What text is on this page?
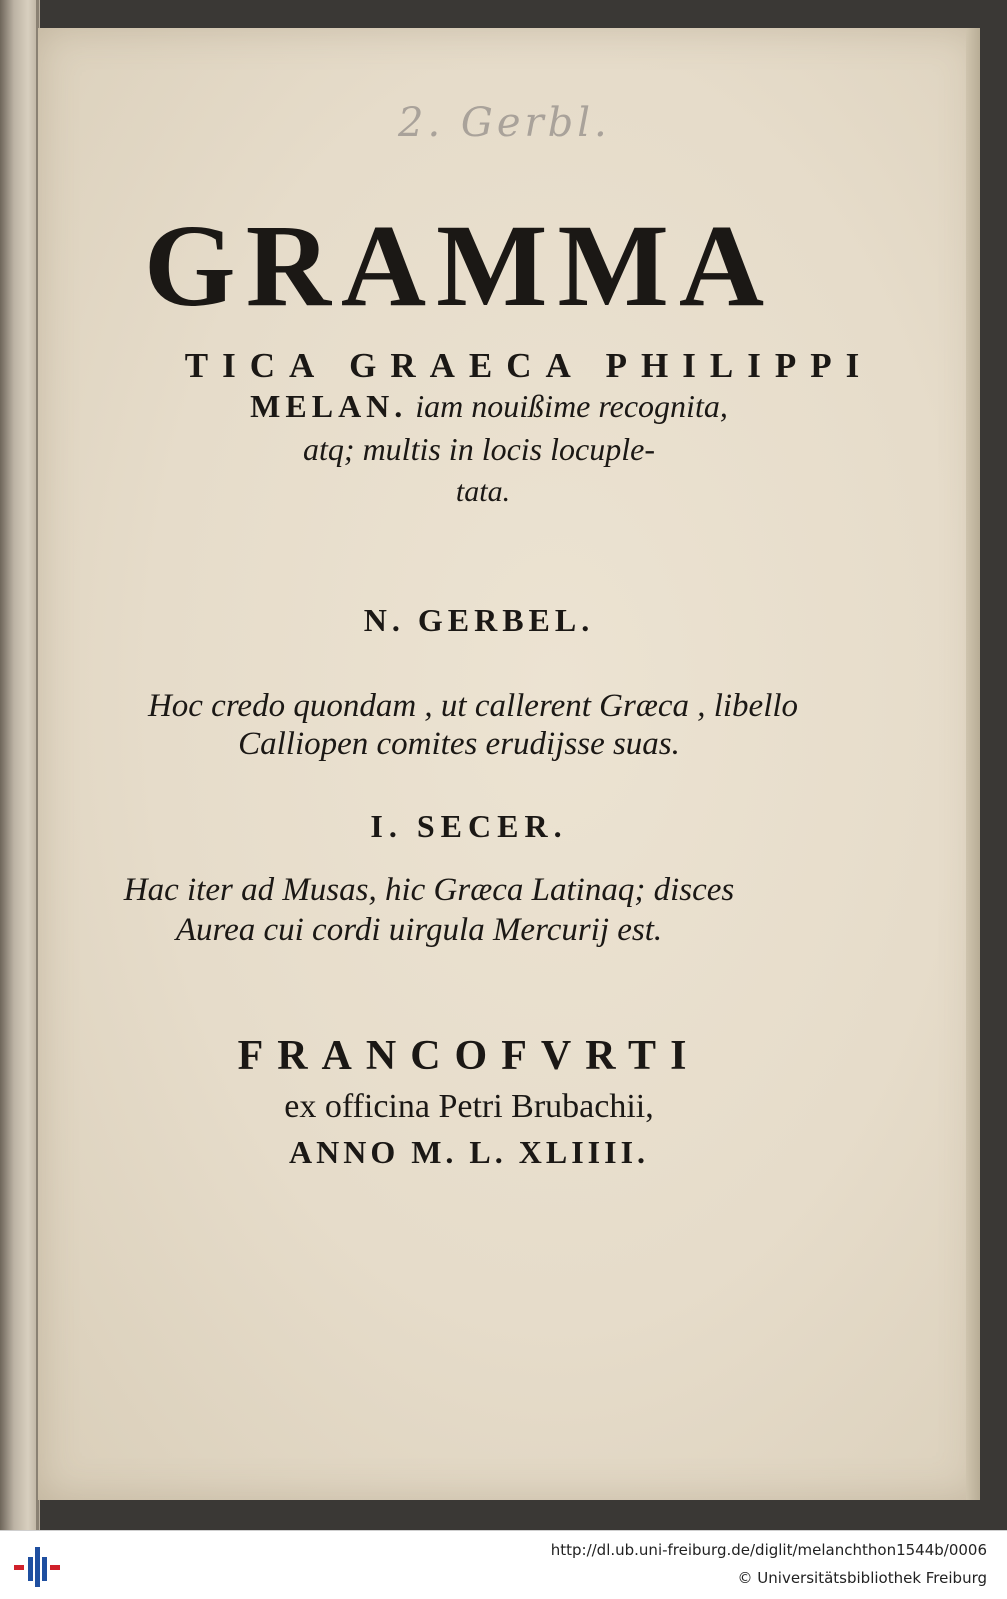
2. Gerbl.
GRAMMA
TICA GRAECA PHILIPPI
MELAN. iam nouißime recognita,
atq; multis in locis locuple-
tata.
N. GERBEL.
Hoc credo quondam , ut callerent Græca , libello
Calliopen comites erudijsse suas.
I. SECER.
Hac iter ad Musas, hic Græca Latinaq; disces
Aurea cui cordi uirgula Mercurij est.
FRANCOFVRTI
ex officina Petri Brubachii,
ANNO M. L. XLIIII.
http://dl.ub.uni-freiburg.de/diglit/melanchthon1544b/0006
© Universitätsbibliothek Freiburg
